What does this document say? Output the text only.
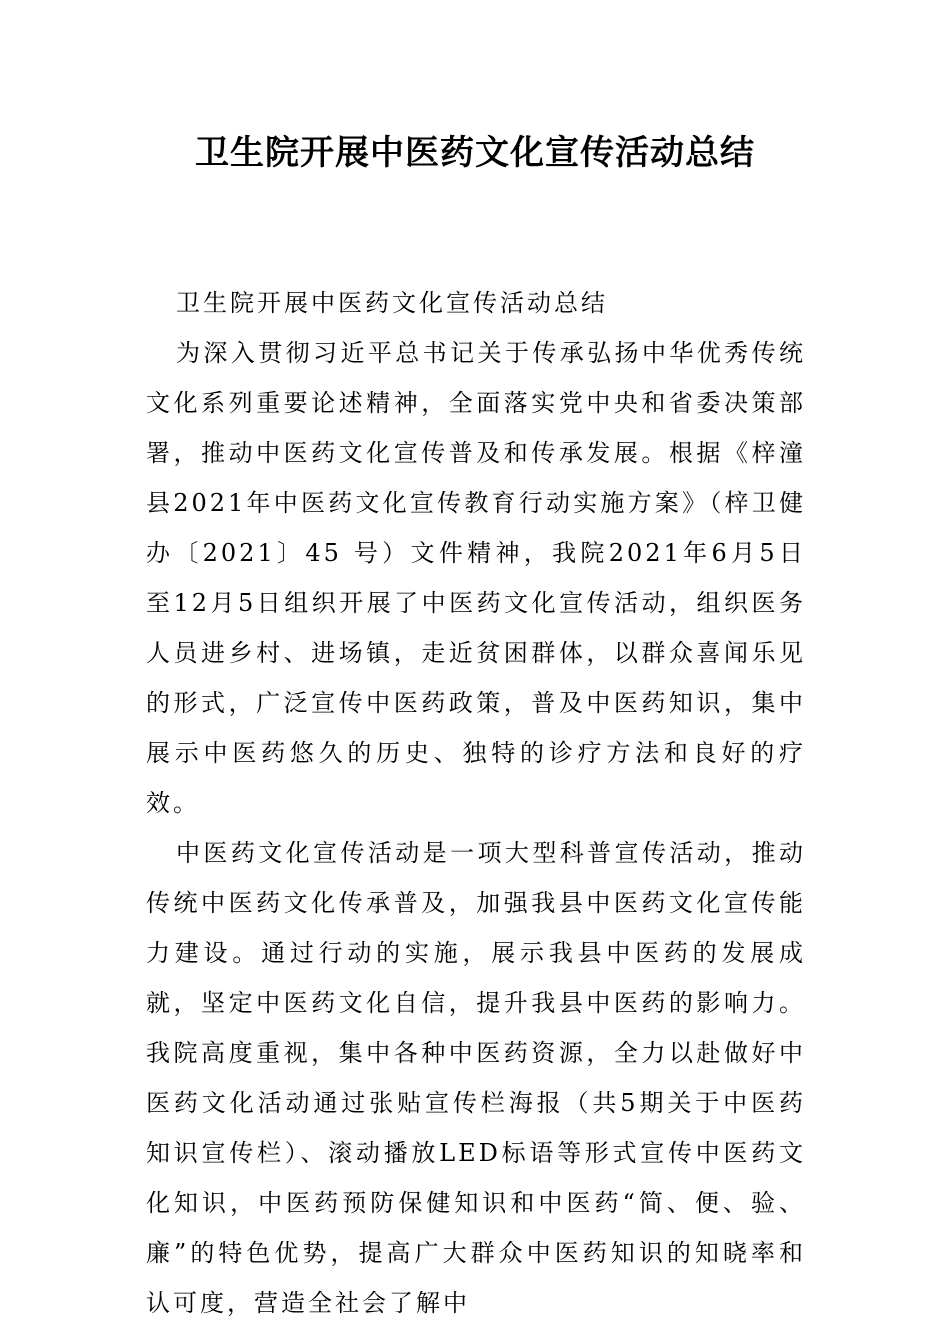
卫生院开展中医药文化宣传活动总结

卫生院开展中医药文化宣传活动总结

为深入贯彻习近平总书记关于传承弘扬中华优秀传统文化系列重要论述精神，全面落实党中央和省委决策部署，推动中医药文化宣传普及和传承发展。根据《梓潼县2021年中医药文化宣传教育行动实施方案》（梓卫健办〔2021〕45 号）文件精神，我院2021年6月5日至12月5日组织开展了中医药文化宣传活动，组织医务人员进乡村、进场镇，走近贫困群体，以群众喜闻乐见的形式，广泛宣传中医药政策，普及中医药知识，集中展示中医药悠久的历史、独特的诊疗方法和良好的疗效。

中医药文化宣传活动是一项大型科普宣传活动，推动传统中医药文化传承普及，加强我县中医药文化宣传能力建设。通过行动的实施，展示我县中医药的发展成就，坚定中医药文化自信，提升我县中医药的影响力。我院高度重视，集中各种中医药资源，全力以赴做好中医药文化活动通过张贴宣传栏海报（共5期关于中医药知识宣传栏）、滚动播放LED标语等形式宣传中医药文化知识，中医药预防保健知识和中医药“简、便、验、廉”的特色优势，提高广大群众中医药知识的知晓率和认可度，营造全社会了解中
